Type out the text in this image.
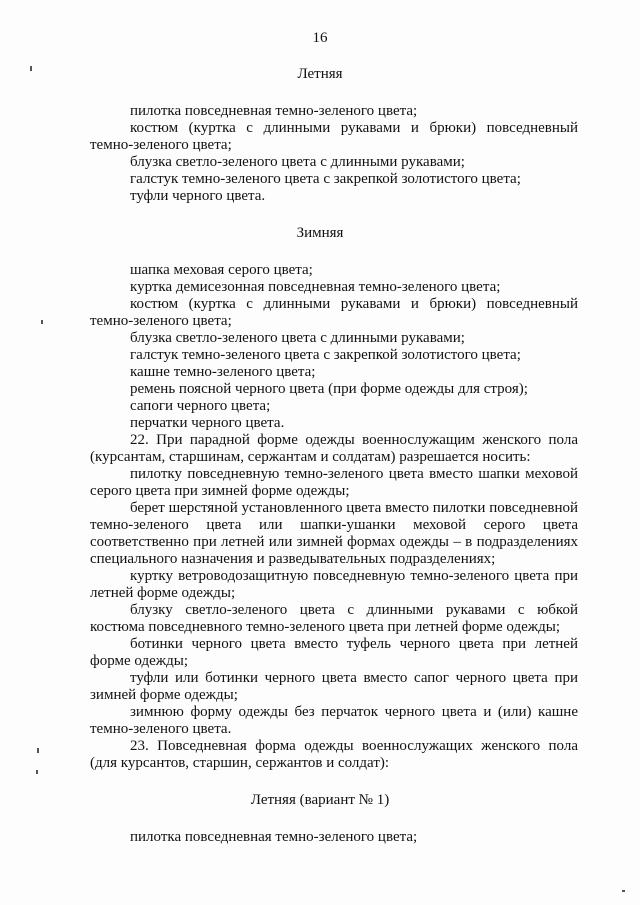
16
Летняя
пилотка повседневная темно-зеленого цвета;
костюм (куртка с длинными рукавами и брюки) повседневный
темно-зеленого цвета;
блузка светло-зеленого цвета с длинными рукавами;
галстук темно-зеленого цвета с закрепкой золотистого цвета;
туфли черного цвета.
Зимняя
шапка меховая серого цвета;
куртка демисезонная повседневная темно-зеленого цвета;
костюм (куртка с длинными рукавами и брюки) повседневный
темно-зеленого цвета;
блузка светло-зеленого цвета с длинными рукавами;
галстук темно-зеленого цвета с закрепкой золотистого цвета;
кашне темно-зеленого цвета;
ремень поясной черного цвета (при форме одежды для строя);
сапоги черного цвета;
перчатки черного цвета.
22. При парадной форме одежды военнослужащим женского пола
(курсантам, старшинам, сержантам и солдатам) разрешается носить:
пилотку повседневную темно-зеленого цвета вместо шапки меховой
серого цвета при зимней форме одежды;
берет шерстяной установленного цвета вместо пилотки повседневной
темно-зеленого цвета или шапки-ушанки меховой серого цвета
соответственно при летней или зимней формах одежды – в подразделениях
специального назначения и разведывательных подразделениях;
куртку ветроводозащитную повседневную темно-зеленого цвета при
летней форме одежды;
блузку светло-зеленого цвета с длинными рукавами с юбкой
костюма повседневного темно-зеленого цвета при летней форме одежды;
ботинки черного цвета вместо туфель черного цвета при летней
форме одежды;
туфли или ботинки черного цвета вместо сапог черного цвета при
зимней форме одежды;
зимнюю форму одежды без перчаток черного цвета и (или) кашне
темно-зеленого цвета.
23. Повседневная форма одежды военнослужащих женского пола
(для курсантов, старшин, сержантов и солдат):
Летняя (вариант № 1)
пилотка повседневная темно-зеленого цвета;
